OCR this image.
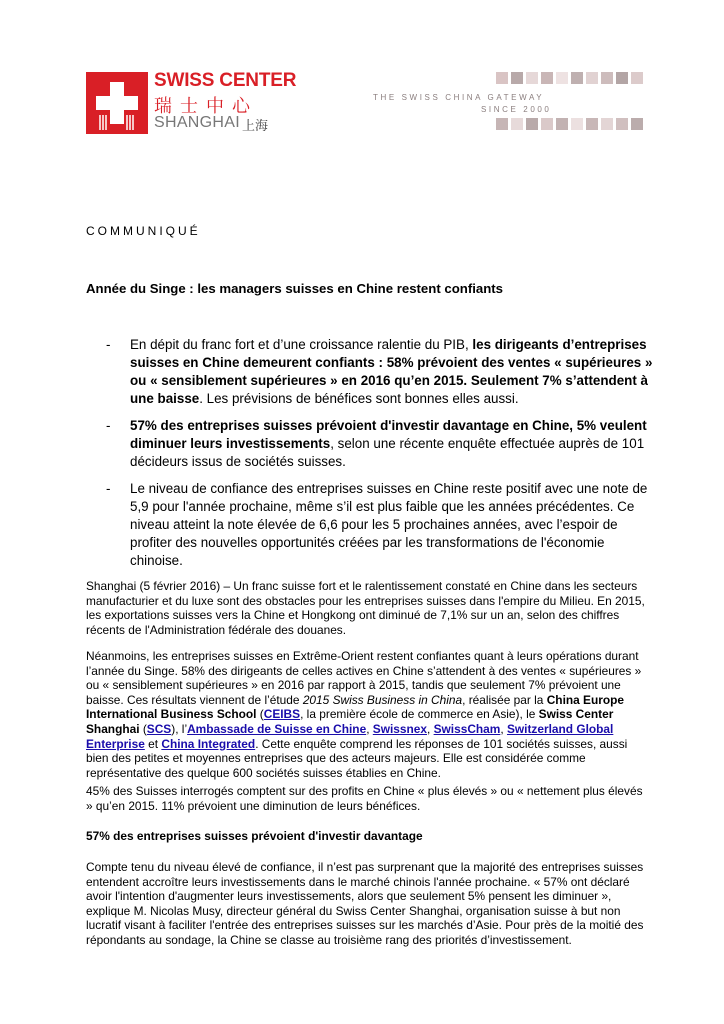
SWISS CENTER
瑞士中心
SHANGHAI 上海
THE SWISS CHINA GATEWAY
SINCE 2000
COMMUNIQUÉ
Année du Singe : les managers suisses en Chine restent confiants
- En dépit du franc fort et d’une croissance ralentie du PIB, les dirigeants d’entreprises suisses en Chine demeurent confiants : 58% prévoient des ventes « supérieures » ou « sensiblement supérieures » en 2016 qu’en 2015. Seulement 7% s’attendent à une baisse. Les prévisions de bénéfices sont bonnes elles aussi.
- 57% des entreprises suisses prévoient d'investir davantage en Chine, 5% veulent diminuer leurs investissements, selon une récente enquête effectuée auprès de 101 décideurs issus de sociétés suisses.
- Le niveau de confiance des entreprises suisses en Chine reste positif avec une note de 5,9 pour l'année prochaine, même s’il est plus faible que les années précédentes. Ce niveau atteint la note élevée de 6,6 pour les 5 prochaines années, avec l’espoir de profiter des nouvelles opportunités créées par les transformations de l'économie chinoise.

Shanghai (5 février 2016) – Un franc suisse fort et le ralentissement constaté en Chine dans les secteurs manufacturier et du luxe sont des obstacles pour les entreprises suisses dans l'empire du Milieu. En 2015, les exportations suisses vers la Chine et Hongkong ont diminué de 7,1% sur un an, selon des chiffres récents de l'Administration fédérale des douanes.

Néanmoins, les entreprises suisses en Extrême-Orient restent confiantes quant à leurs opérations durant l’année du Singe. 58% des dirigeants de celles actives en Chine s’attendent à des ventes « supérieures » ou « sensiblement supérieures » en 2016 par rapport à 2015, tandis que seulement 7% prévoient une baisse. Ces résultats viennent de l’étude 2015 Swiss Business in China, réalisée par la China Europe International Business School (CEIBS, la première école de commerce en Asie), le Swiss Center Shanghai (SCS), l’Ambassade de Suisse en Chine, Swissnex, SwissCham, Switzerland Global Enterprise et China Integrated. Cette enquête comprend les réponses de 101 sociétés suisses, aussi bien des petites et moyennes entreprises que des acteurs majeurs. Elle est considérée comme représentative des quelque 600 sociétés suisses établies en Chine.

45% des Suisses interrogés comptent sur des profits en Chine « plus élevés » ou « nettement plus élevés » qu’en 2015. 11% prévoient une diminution de leurs bénéfices.

57% des entreprises suisses prévoient d'investir davantage

Compte tenu du niveau élevé de confiance, il n’est pas surprenant que la majorité des entreprises suisses entendent accroître leurs investissements dans le marché chinois l'année prochaine. « 57% ont déclaré avoir l'intention d'augmenter leurs investissements, alors que seulement 5% pensent les diminuer », explique M. Nicolas Musy, directeur général du Swiss Center Shanghai, organisation suisse à but non lucratif visant à faciliter l'entrée des entreprises suisses sur les marchés d’Asie. Pour près de la moitié des répondants au sondage, la Chine se classe au troisième rang des priorités d’investissement.
